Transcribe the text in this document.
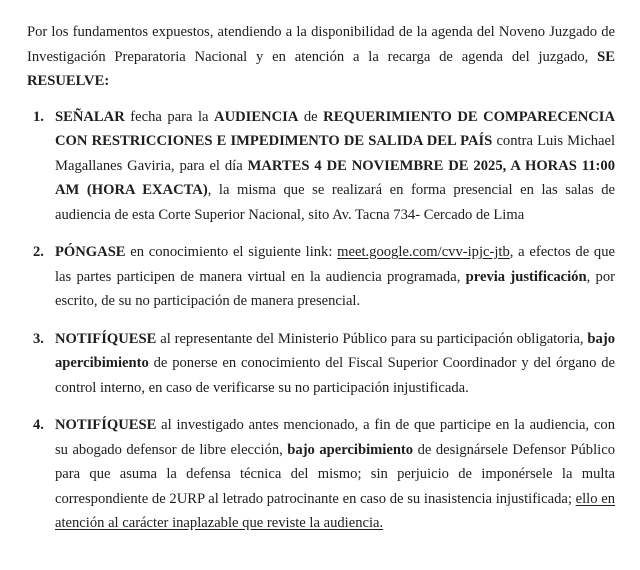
Por los fundamentos expuestos, atendiendo a la disponibilidad de la agenda del Noveno Juzgado de Investigación Preparatoria Nacional y en atención a la recarga de agenda del juzgado, SE RESUELVE:

1. SEÑALAR fecha para la AUDIENCIA de REQUERIMIENTO DE COMPARECENCIA CON RESTRICCIONES E IMPEDIMENTO DE SALIDA DEL PAÍS contra Luis Michael Magallanes Gaviria, para el día MARTES 4 DE NOVIEMBRE DE 2025, A HORAS 11:00 AM (HORA EXACTA), la misma que se realizará en forma presencial en las salas de audiencia de esta Corte Superior Nacional, sito Av. Tacna 734- Cercado de Lima
2. PÓNGASE en conocimiento el siguiente link: meet.google.com/cvv-ipjc-jtb, a efectos de que las partes participen de manera virtual en la audiencia programada, previa justificación, por escrito, de su no participación de manera presencial.
3. NOTIFÍQUESE al representante del Ministerio Público para su participación obligatoria, bajo apercibimiento de ponerse en conocimiento del Fiscal Superior Coordinador y del órgano de control interno, en caso de verificarse su no participación injustificada.
4. NOTIFÍQUESE al investigado antes mencionado, a fin de que participe en la audiencia, con su abogado defensor de libre elección, bajo apercibimiento de designársele Defensor Público para que asuma la defensa técnica del mismo; sin perjuicio de imponérsele la multa correspondiente de 2URP al letrado patrocinante en caso de su inasistencia injustificada; ello en atención al carácter inaplazable que reviste la audiencia.
